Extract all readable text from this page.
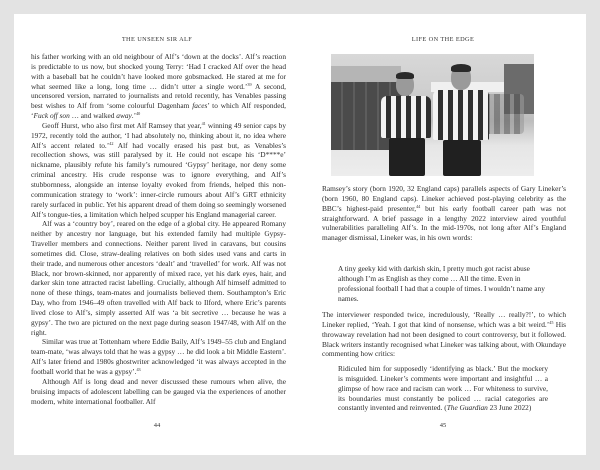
THE UNSEEN SIR ALF

his father working with an old neighbour of Alf’s ‘down at the docks’. Alf’s reaction is predictable to us now, but shocked young Terry: ‘Had I cracked Alf over the head with a baseball bat he couldn’t have looked more gobsmacked. He stared at me for what seemed like a long, long time … didn’t utter a single word.’$^{39}$ A second, uncensored version, narrated to journalists and retold recently, has Venables passing best wishes to Alf from ‘some colourful Dagenham faces’ to which Alf responded, ‘Fuck off son … and walked away.’$^{40}$

Geoff Hurst, who also first met Alf Ramsey that year,$^{41}$ winning 49 senior caps by 1972, recently told the author, ‘I had absolutely no, thinking about it, no idea where Alf’s accent related to.’$^{42}$ Alf had vocally erased his past but, as Venables’s recollection shows, was still paralysed by it. He could not escape his ‘D****e’ nickname, plausibly refute his family’s rumoured ‘Gypsy’ heritage, nor deny some criminal ancestry. His crude response was to ignore everything, and Alf’s stubbornness, alongside an intense loyalty evoked from friends, helped this non-communication strategy to ‘work’: inner-circle rumours about Alf’s GRT ethnicity rarely surfaced in public. Yet his apparent dread of them doing so seemingly worsened Alf’s tongue-ties, a limitation which helped scupper his England managerial career.

Alf was a ‘country boy’, reared on the edge of a global city. He appeared Romany neither by ancestry nor language, but his extended family had multiple Gypsy-Traveller members and connections. Neither parent lived in caravans, but cousins sometimes did. Close, straw-dealing relatives on both sides used vans and carts in their trade, and numerous other ancestors ‘dealt’ and ‘travelled’ for work. Alf was not Black, nor brown-skinned, nor apparently of mixed race, yet his dark eyes, hair, and darker skin tone attracted racist labelling. Crucially, although Alf himself admitted to none of these things, team-mates and journalists believed them. Southampton’s Eric Day, who from 1946–49 often travelled with Alf back to Ilford, where Eric’s parents lived close to Alf’s, simply asserted Alf was ‘a bit secretive … because he was a gypsy’. The two are pictured on the next page during season 1947/48, with Alf on the right.

Similar was true at Tottenham where Eddie Baily, Alf’s 1949–55 club and England team-mate, ‘was always told that he was a gypsy … he did look a bit Middle Eastern’. Alf’s later friend and 1980s ghostwriter acknowledged ‘it was always accepted in the football world that he was a gypsy’.$^{43}$

Although Alf is long dead and never discussed these rumours when alive, the bruising impacts of adolescent labelling can be gauged via the experiences of another modern, white international footballer. Alf

44
LIFE ON THE EDGE
Ramsey’s story (born 1920, 32 England caps) parallels aspects of Gary Lineker’s (born 1960, 80 England caps). Lineker achieved post-playing celebrity as the BBC’s highest-paid presenter,$^{44}$ but his early football career path was not straightforward. A brief passage in a lengthy 2022 interview aired youthful vulnerabilities paralleling Alf’s. In the mid-1970s, not long after Alf’s England manager dismissal, Lineker was, in his own words:
A tiny geeky kid with darkish skin, I pretty much got racist abuse although I’m as English as they come … All the time. Even in professional football I had that a couple of times. I wouldn’t name any names.
The interviewer responded twice, incredulously, ‘Really … really?!’, to which Lineker replied, ‘Yeah. I got that kind of nonsense, which was a bit weird.’$^{45}$ His throwaway revelation had not been designed to court controversy, but it followed. Black writers instantly recognised what Lineker was talking about, with Okundaye commenting how critics:
Ridiculed him for supposedly ‘identifying as black.’ But the mockery is misguided. Lineker’s comments were important and insightful … a glimpse of how race and racism can work … For whiteness to survive, its boundaries must constantly be policed … racial categories are constantly invented and reinvented. (The Guardian 23 June 2022)
45
